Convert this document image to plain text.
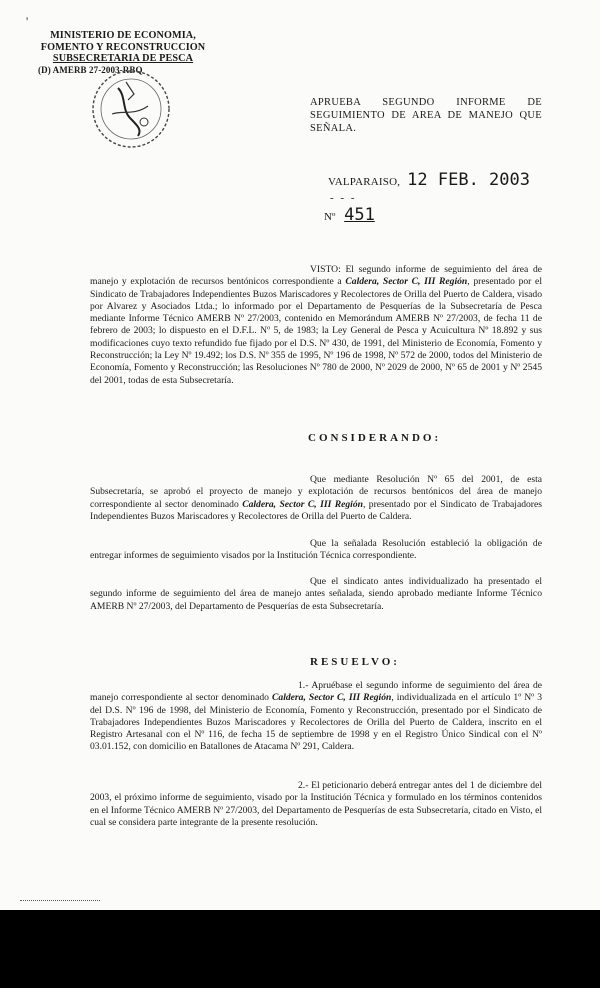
'
MINISTERIO DE ECONOMIA,
FOMENTO Y RECONSTRUCCION
SUBSECRETARIA DE PESCA
(D) AMERB 27-2003-RBQ
APRUEBA SEGUNDO INFORME DE
SEGUIMIENTO DE AREA DE MANEJO QUE
SEÑALA.
VALPARAISO, 12 FEB. 2003
- - -
Nº 451
VISTO: El segundo informe de seguimiento del área de manejo y explotación de recursos bentónicos correspondiente a Caldera, Sector C, III Región, presentado por el Sindicato de Trabajadores Independientes Buzos Mariscadores y Recolectores de Orilla del Puerto de Caldera, visado por Alvarez y Asociados Ltda.; lo informado por el Departamento de Pesquerías de la Subsecretaría de Pesca mediante Informe Técnico AMERB Nº 27/2003, contenido en Memorándum AMERB Nº 27/2003, de fecha 11 de febrero de 2003; lo dispuesto en el D.F.L. Nº 5, de 1983; la Ley General de Pesca y Acuicultura Nº 18.892 y sus modificaciones cuyo texto refundido fue fijado por el D.S. Nº 430, de 1991, del Ministerio de Economía, Fomento y Reconstrucción; la Ley Nº 19.492; los D.S. Nº 355 de 1995, Nº 196 de 1998, Nº 572 de 2000, todos del Ministerio de Economía, Fomento y Reconstrucción; las Resoluciones Nº 780 de 2000, Nº 2029 de 2000, Nº 65 de 2001 y Nº 2545 del 2001, todas de esta Subsecretaría.
CONSIDERANDO:
Que mediante Resolución Nº 65 del 2001, de esta Subsecretaría, se aprobó el proyecto de manejo y explotación de recursos bentónicos del área de manejo correspondiente al sector denominado Caldera, Sector C, III Región, presentado por el Sindicato de Trabajadores Independientes Buzos Mariscadores y Recolectores de Orilla del Puerto de Caldera.
Que la señalada Resolución estableció la obligación de entregar informes de seguimiento visados por la Institución Técnica correspondiente.
Que el sindicato antes individualizado ha presentado el segundo informe de seguimiento del área de manejo antes señalada, siendo aprobado mediante Informe Técnico AMERB Nº 27/2003, del Departamento de Pesquerías de esta Subsecretaría.
RESUELVO:
1.- Apruébase el segundo informe de seguimiento del área de manejo correspondiente al sector denominado Caldera, Sector C, III Región, individualizada en el artículo 1º Nº 3 del D.S. Nº 196 de 1998, del Ministerio de Economía, Fomento y Reconstrucción, presentado por el Sindicato de Trabajadores Independientes Buzos Mariscadores y Recolectores de Orilla del Puerto de Caldera, inscrito en el Registro Artesanal con el Nº 116, de fecha 15 de septiembre de 1998 y en el Registro Único Sindical con el Nº 03.01.152, con domicilio en Batallones de Atacama Nº 291, Caldera.
2.- El peticionario deberá entregar antes del 1 de diciembre del 2003, el próximo informe de seguimiento, visado por la Institución Técnica y formulado en los términos contenidos en el Informe Técnico AMERB Nº 27/2003, del Departamento de Pesquerías de esta Subsecretaría, citado en Visto, el cual se considera parte integrante de la presente resolución.
